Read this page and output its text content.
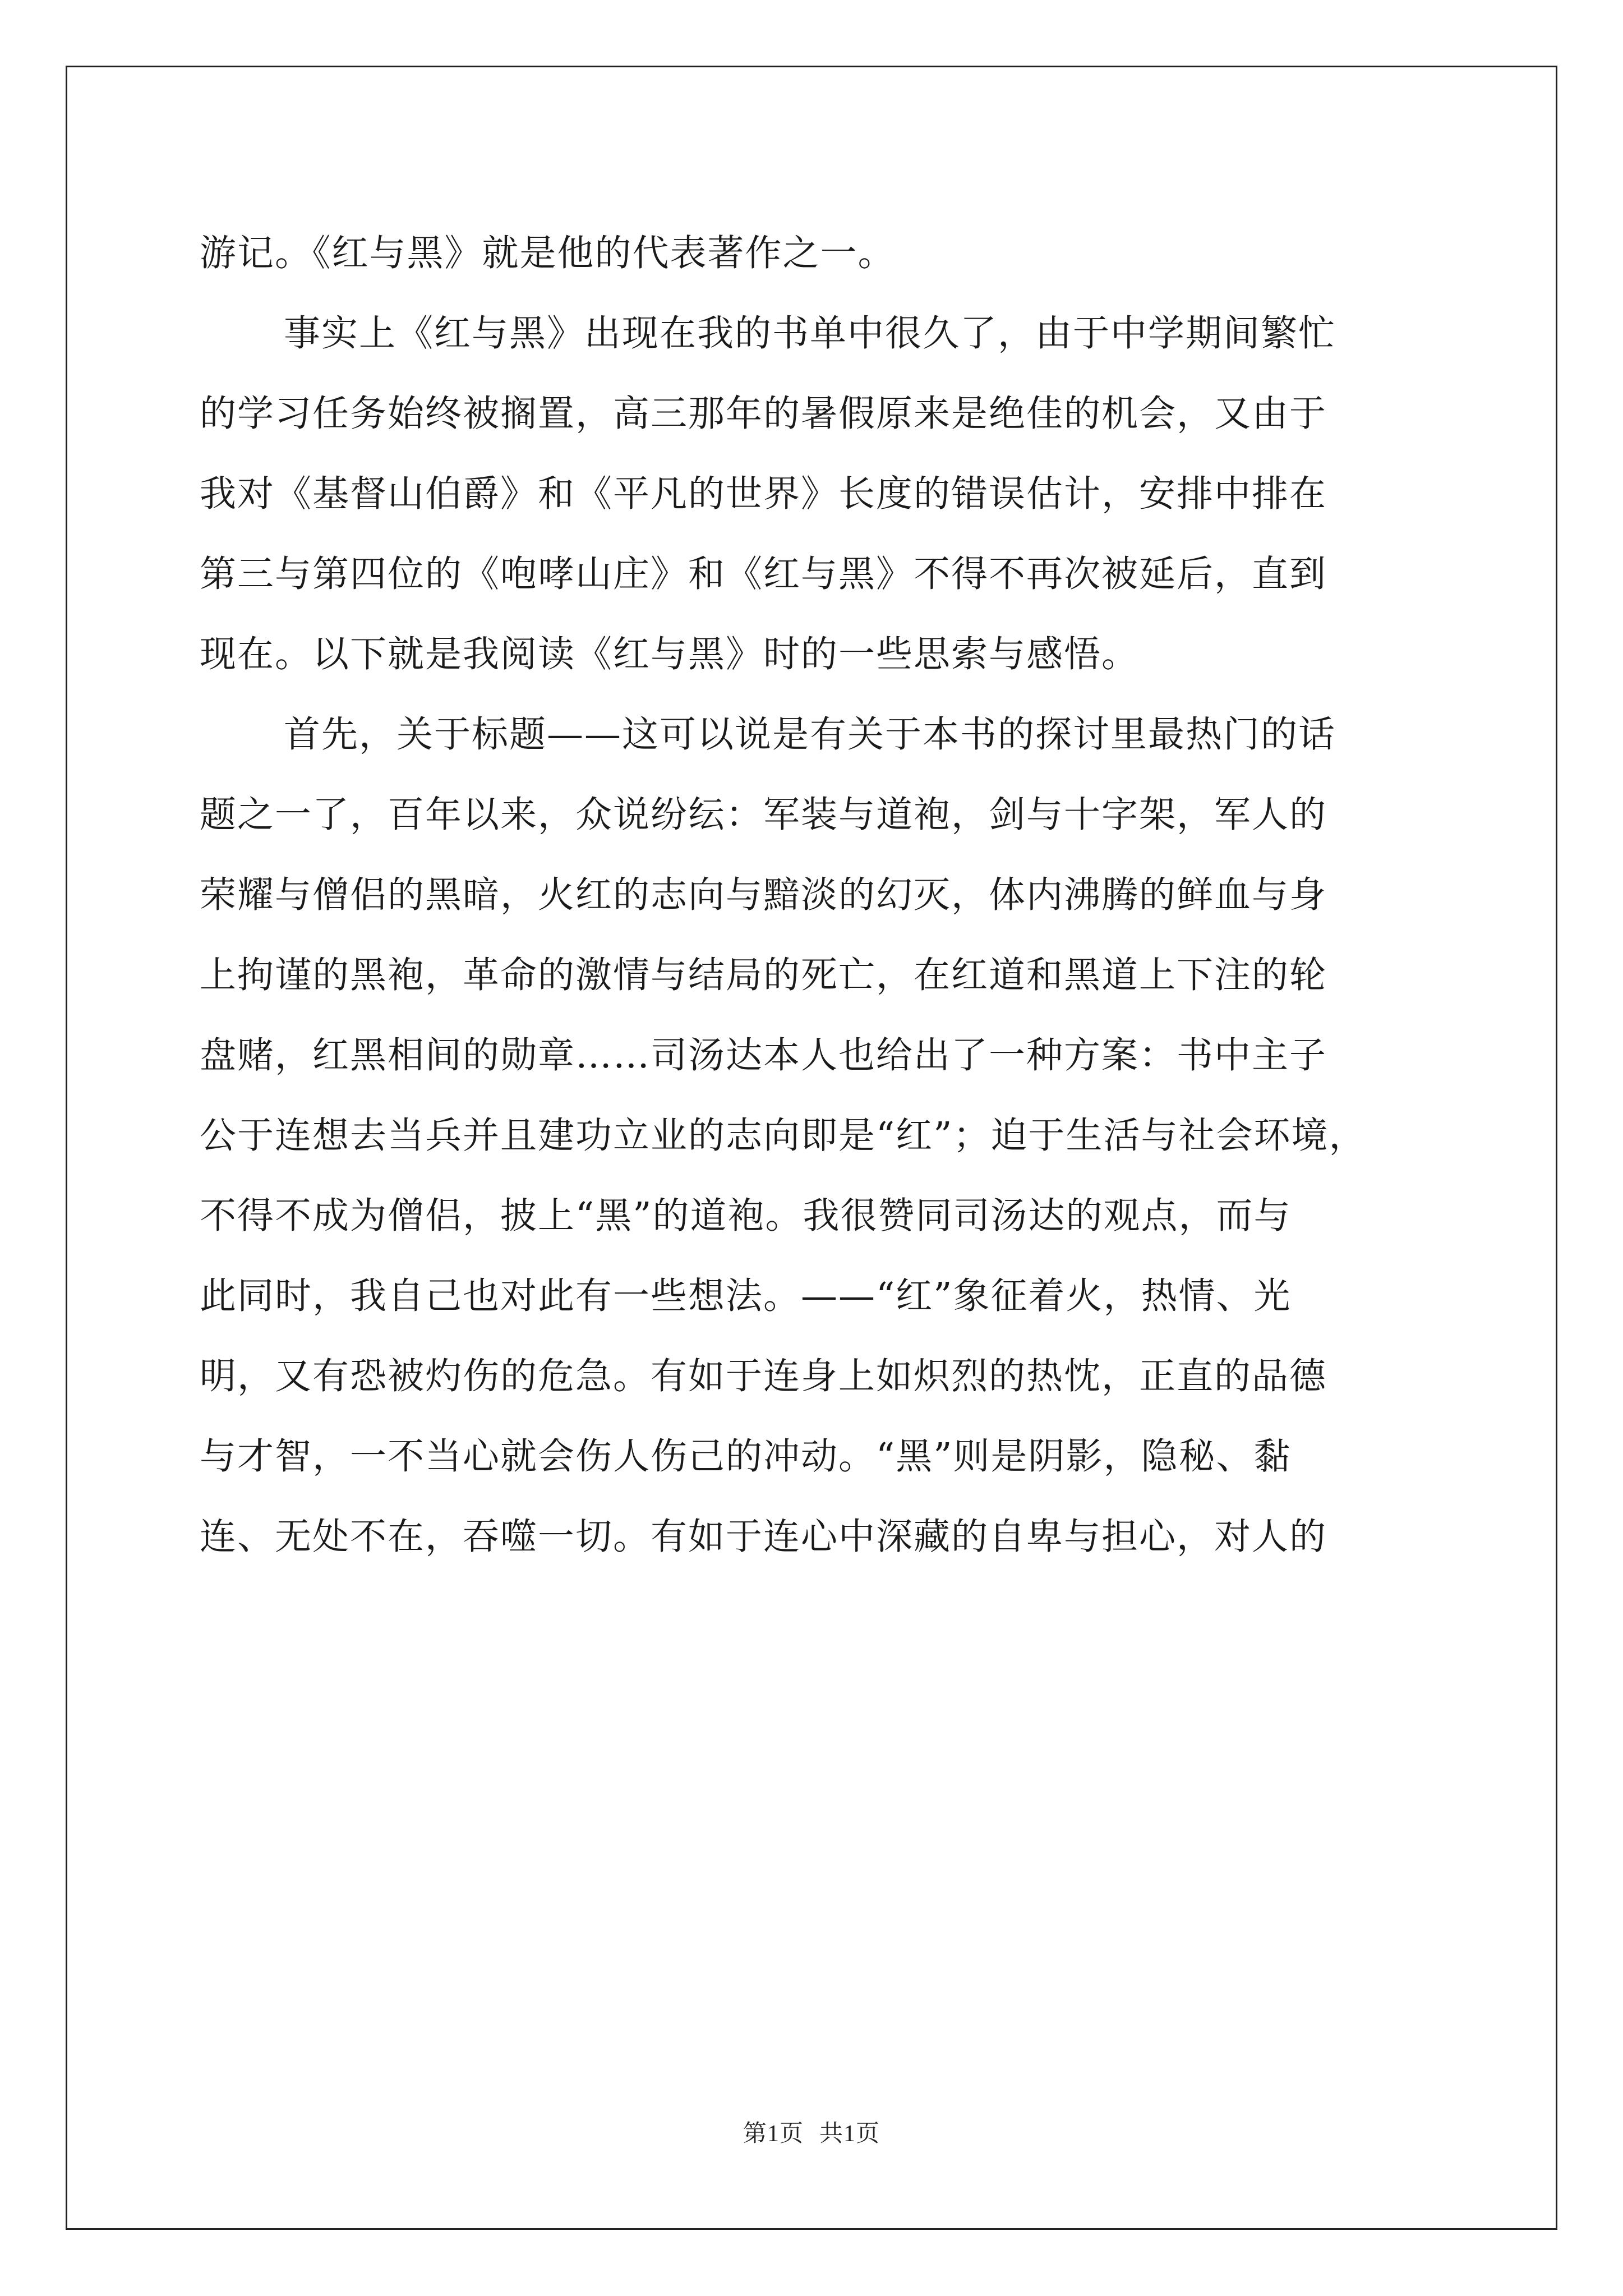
游记。《红与黑》就是他的代表著作之一。
事实上《红与黑》出现在我的书单中很久了，由于中学期间繁忙
的学习任务始终被搁置，高三那年的暑假原来是绝佳的机会，又由于
我对《基督山伯爵》和《平凡的世界》长度的错误估计，安排中排在
第三与第四位的《咆哮山庄》和《红与黑》不得不再次被延后，直到
现在。以下就是我阅读《红与黑》时的一些思索与感悟。
首先，关于标题——这可以说是有关于本书的探讨里最热门的话
题之一了，百年以来，众说纷纭：军装与道袍，剑与十字架，军人的
荣耀与僧侣的黑暗，火红的志向与黯淡的幻灭，体内沸腾的鲜血与身
上拘谨的黑袍，革命的激情与结局的死亡，在红道和黑道上下注的轮
盘赌，红黑相间的勋章……司汤达本人也给出了一种方案：书中主子
公于连想去当兵并且建功立业的志向即是“红”；迫于生活与社会环境，
不得不成为僧侣，披上“黑”的道袍。我很赞同司汤达的观点，而与
此同时，我自己也对此有一些想法。——“红”象征着火，热情、光
明，又有恐被灼伤的危急。有如于连身上如炽烈的热忱，正直的品德
与才智，一不当心就会伤人伤己的冲动。“黑”则是阴影，隐秘、黏
连、无处不在，吞噬一切。有如于连心中深藏的自卑与担心，对人的
第1页 共1页
